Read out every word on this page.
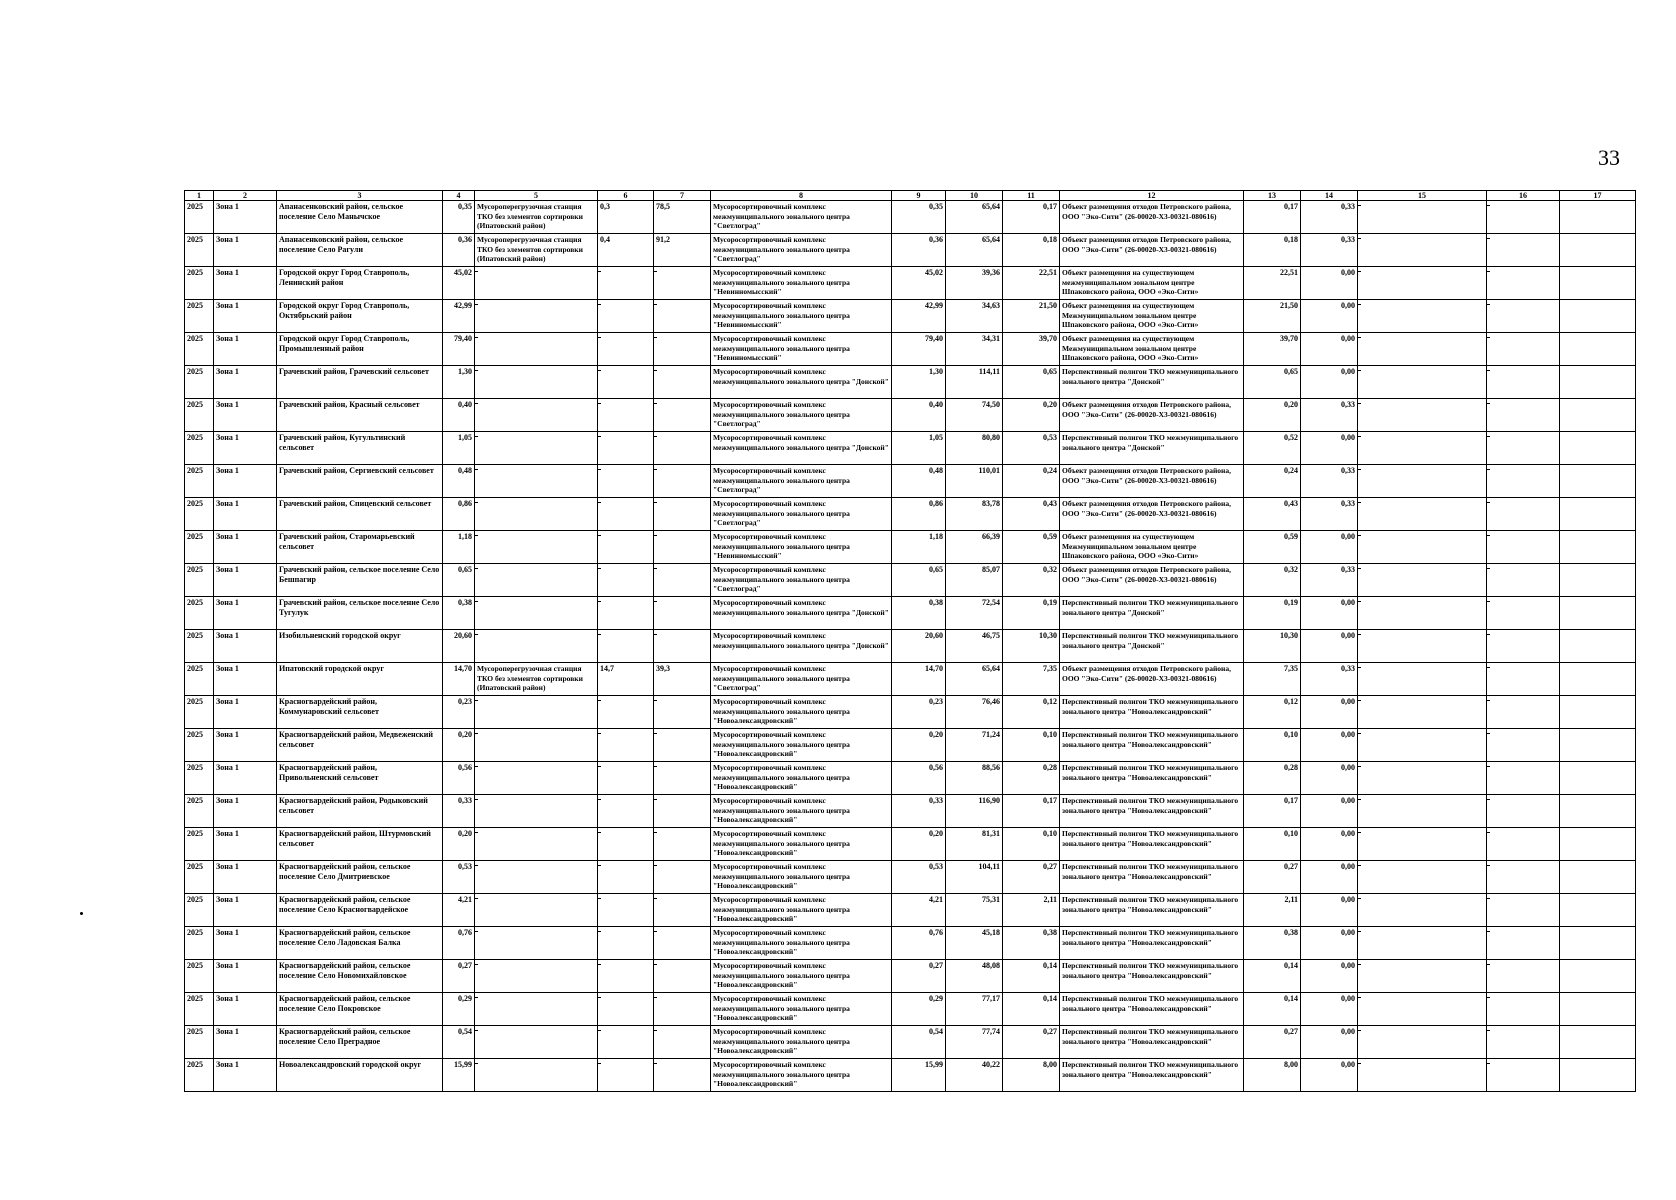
33
1	2	3	4	5	6	7	8	9	10	11	12	13	14	15	16	17
2025	Зона 1	Апанасенковский район, сельское поселение Село Манычское	0,35	Мусороперегрузочная станция ТКО без элементов сортировки (Ипатовский район)	0,3	78,5	Мусоросортировочный комплекс межмуниципального зонального центра "Светлоград"	0,35	65,64	0,17	Объект размещения отходов Петровского района, ООО "Эко-Сити" (26-00020-Х3-00321-080616)	0,17	0,33			
2025	Зона 1	Апанасенковский район, сельское поселение Село Рагули	0,36	Мусороперегрузочная станция ТКО без элементов сортировки (Ипатовский район)	0,4	91,2	Мусоросортировочный комплекс межмуниципального зонального центра "Светлоград"	0,36	65,64	0,18	Объект размещения отходов Петровского района, ООО "Эко-Сити" (26-00020-Х3-00321-080616)	0,18	0,33			
2025	Зона 1	Городской округ Город Ставрополь, Ленинский район	45,02				Мусоросортировочный комплекс межмуниципального зонального центра "Невинномысский"	45,02	39,36	22,51	Объект размещения на существующем межмуниципальном зональном центре Шпаковского района, ООО «Эко-Сити»	22,51	0,00			
2025	Зона 1	Городской округ Город Ставрополь, Октябрьский район	42,99				Мусоросортировочный комплекс межмуниципального зонального центра "Невинномысский"	42,99	34,63	21,50	Объект размещения на существующем Межмуниципальном зональном центре Шпаковского района, ООО «Эко-Сити»	21,50	0,00			
2025	Зона 1	Городской округ Город Ставрополь, Промышленный район	79,40				Мусоросортировочный комплекс межмуниципального зонального центра "Невинномысский"	79,40	34,31	39,70	Объект размещения на существующем Межмуниципальном зональном центре Шпаковского района, ООО «Эко-Сити»	39,70	0,00			
2025	Зона 1	Грачевский район, Грачевский сельсовет	1,30				Мусоросортировочный комплекс межмуниципального зонального центра "Донской"	1,30	114,11	0,65	Перспективный полигон ТКО межмуниципального зонального центра "Донской"	0,65	0,00			
2025	Зона 1	Грачевский район, Красный сельсовет	0,40				Мусоросортировочный комплекс межмуниципального зонального центра "Светлоград"	0,40	74,50	0,20	Объект размещения отходов Петровского района, ООО "Эко-Сити" (26-00020-Х3-00321-080616)	0,20	0,33			
2025	Зона 1	Грачевский район, Кугультинский сельсовет	1,05				Мусоросортировочный комплекс межмуниципального зонального центра "Донской"	1,05	80,80	0,53	Перспективный полигон ТКО межмуниципального зонального центра "Донской"	0,52	0,00			
2025	Зона 1	Грачевский район, Сергиевский сельсовет	0,48				Мусоросортировочный комплекс межмуниципального зонального центра "Светлоград"	0,48	110,01	0,24	Объект размещения отходов Петровского района, ООО "Эко-Сити" (26-00020-Х3-00321-080616)	0,24	0,33			
2025	Зона 1	Грачевский район, Спицевский сельсовет	0,86				Мусоросортировочный комплекс межмуниципального зонального центра "Светлоград"	0,86	83,78	0,43	Объект размещения отходов Петровского района, ООО "Эко-Сити" (26-00020-Х3-00321-080616)	0,43	0,33			
2025	Зона 1	Грачевский район, Старомарьевский сельсовет	1,18				Мусоросортировочный комплекс межмуниципального зонального центра "Невинномысский"	1,18	66,39	0,59	Объект размещения на существующем Межмуниципальном зональном центре Шпаковского района, ООО «Эко-Сити»	0,59	0,00			
2025	Зона 1	Грачевский район, сельское поселение Село Бешпагир	0,65				Мусоросортировочный комплекс межмуниципального зонального центра "Светлоград"	0,65	85,07	0,32	Объект размещения отходов Петровского района, ООО "Эко-Сити" (26-00020-Х3-00321-080616)	0,32	0,33			
2025	Зона 1	Грачевский район, сельское поселение Село Тугулук	0,38				Мусоросортировочный комплекс межмуниципального зонального центра "Донской"	0,38	72,54	0,19	Перспективный полигон ТКО межмуниципального зонального центра "Донской"	0,19	0,00			
2025	Зона 1	Изобильненский городской округ	20,60				Мусоросортировочный комплекс межмуниципального зонального центра "Донской"	20,60	46,75	10,30	Перспективный полигон ТКО межмуниципального зонального центра "Донской"	10,30	0,00			
2025	Зона 1	Ипатовский городской округ	14,70	Мусороперегрузочная станция ТКО без элементов сортировки (Ипатовский район)	14,7	39,3	Мусоросортировочный комплекс межмуниципального зонального центра "Светлоград"	14,70	65,64	7,35	Объект размещения отходов Петровского района, ООО "Эко-Сити" (26-00020-Х3-00321-080616)	7,35	0,33			
2025	Зона 1	Красногвардейский район, Коммунаровский сельсовет	0,23				Мусоросортировочный комплекс межмуниципального зонального центра "Новоалександровский"	0,23	76,46	0,12	Перспективный полигон ТКО межмуниципального зонального центра "Новоалександровский"	0,12	0,00			
2025	Зона 1	Красногвардейский район, Медвеженский сельсовет	0,20				Мусоросортировочный комплекс межмуниципального зонального центра "Новоалександровский"	0,20	71,24	0,10	Перспективный полигон ТКО межмуниципального зонального центра "Новоалександровский"	0,10	0,00			
2025	Зона 1	Красногвардейский район, Привольненский сельсовет	0,56				Мусоросортировочный комплекс межмуниципального зонального центра "Новоалександровский"	0,56	88,56	0,28	Перспективный полигон ТКО межмуниципального зонального центра "Новоалександровский"	0,28	0,00			
2025	Зона 1	Красногвардейский район, Родыковский сельсовет	0,33				Мусоросортировочный комплекс межмуниципального зонального центра "Новоалександровский"	0,33	116,90	0,17	Перспективный полигон ТКО межмуниципального зонального центра "Новоалександровский"	0,17	0,00			
2025	Зона 1	Красногвардейский район, Штурмовский сельсовет	0,20				Мусоросортировочный комплекс межмуниципального зонального центра "Новоалександровский"	0,20	81,31	0,10	Перспективный полигон ТКО межмуниципального зонального центра "Новоалександровский"	0,10	0,00			
2025	Зона 1	Красногвардейский район, сельское поселение Село Дмитриевское	0,53				Мусоросортировочный комплекс межмуниципального зонального центра "Новоалександровский"	0,53	104,11	0,27	Перспективный полигон ТКО межмуниципального зонального центра "Новоалександровский"	0,27	0,00			
2025	Зона 1	Красногвардейский район, сельское поселение Село Красногвардейское	4,21				Мусоросортировочный комплекс межмуниципального зонального центра "Новоалександровский"	4,21	75,31	2,11	Перспективный полигон ТКО межмуниципального зонального центра "Новоалександровский"	2,11	0,00			
2025	Зона 1	Красногвардейский район, сельское поселение Село Ладовская Балка	0,76				Мусоросортировочный комплекс межмуниципального зонального центра "Новоалександровский"	0,76	45,18	0,38	Перспективный полигон ТКО межмуниципального зонального центра "Новоалександровский"	0,38	0,00			
2025	Зона 1	Красногвардейский район, сельское поселение Село Новомихайловское	0,27				Мусоросортировочный комплекс межмуниципального зонального центра "Новоалександровский"	0,27	48,08	0,14	Перспективный полигон ТКО межмуниципального зонального центра "Новоалександровский"	0,14	0,00			
2025	Зона 1	Красногвардейский район, сельское поселение Село Покровское	0,29				Мусоросортировочный комплекс межмуниципального зонального центра "Новоалександровский"	0,29	77,17	0,14	Перспективный полигон ТКО межмуниципального зонального центра "Новоалександровский"	0,14	0,00			
2025	Зона 1	Красногвардейский район, сельское поселение Село Преградное	0,54				Мусоросортировочный комплекс межмуниципального зонального центра "Новоалександровский"	0,54	77,74	0,27	Перспективный полигон ТКО межмуниципального зонального центра "Новоалександровский"	0,27	0,00			
2025	Зона 1	Новоалександровский городской округ	15,99				Мусоросортировочный комплекс межмуниципального зонального центра "Новоалександровский"	15,99	40,22	8,00	Перспективный полигон ТКО межмуниципального зонального центра "Новоалександровский"	8,00	0,00			
